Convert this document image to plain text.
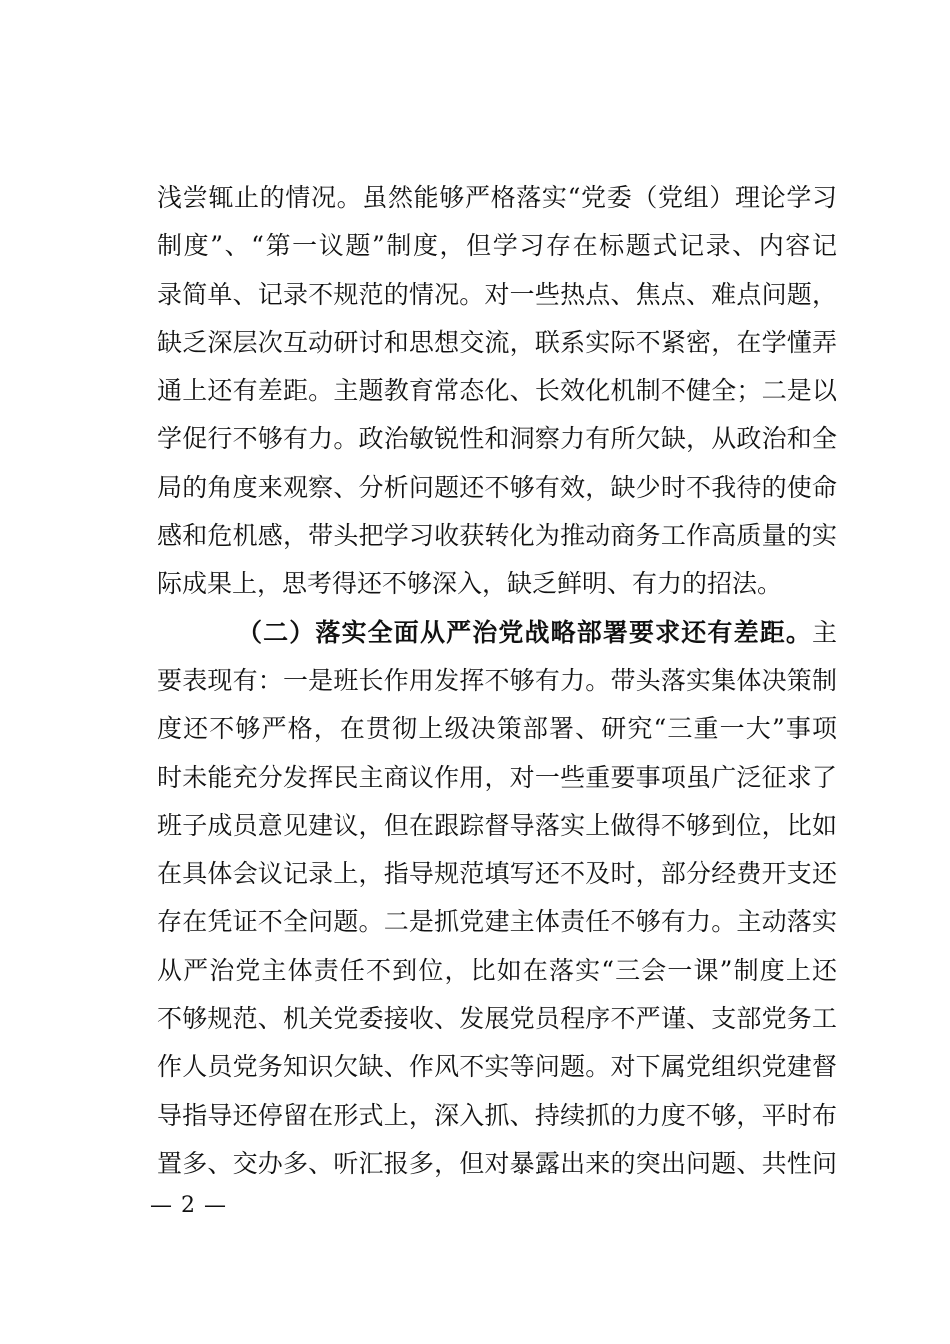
浅尝辄止的情况。虽然能够严格落实“党委（党组）理论学习
制度”、“第一议题”制度，但学习存在标题式记录、内容记
录简单、记录不规范的情况。对一些热点、焦点、难点问题，
缺乏深层次互动研讨和思想交流，联系实际不紧密，在学懂弄
通上还有差距。主题教育常态化、长效化机制不健全；二是以
学促行不够有力。政治敏锐性和洞察力有所欠缺，从政治和全
局的角度来观察、分析问题还不够有效，缺少时不我待的使命
感和危机感，带头把学习收获转化为推动商务工作高质量的实
际成果上，思考得还不够深入，缺乏鲜明、有力的招法。
（二）落实全面从严治党战略部署要求还有差距。主
要表现有：一是班长作用发挥不够有力。带头落实集体决策制
度还不够严格，在贯彻上级决策部署、研究“三重一大”事项
时未能充分发挥民主商议作用，对一些重要事项虽广泛征求了
班子成员意见建议，但在跟踪督导落实上做得不够到位，比如
在具体会议记录上，指导规范填写还不及时，部分经费开支还
存在凭证不全问题。二是抓党建主体责任不够有力。主动落实
从严治党主体责任不到位，比如在落实“三会一课”制度上还
不够规范、机关党委接收、发展党员程序不严谨、支部党务工
作人员党务知识欠缺、作风不实等问题。对下属党组织党建督
导指导还停留在形式上，深入抓、持续抓的力度不够，平时布
置多、交办多、听汇报多，但对暴露出来的突出问题、共性问
— 2 —
